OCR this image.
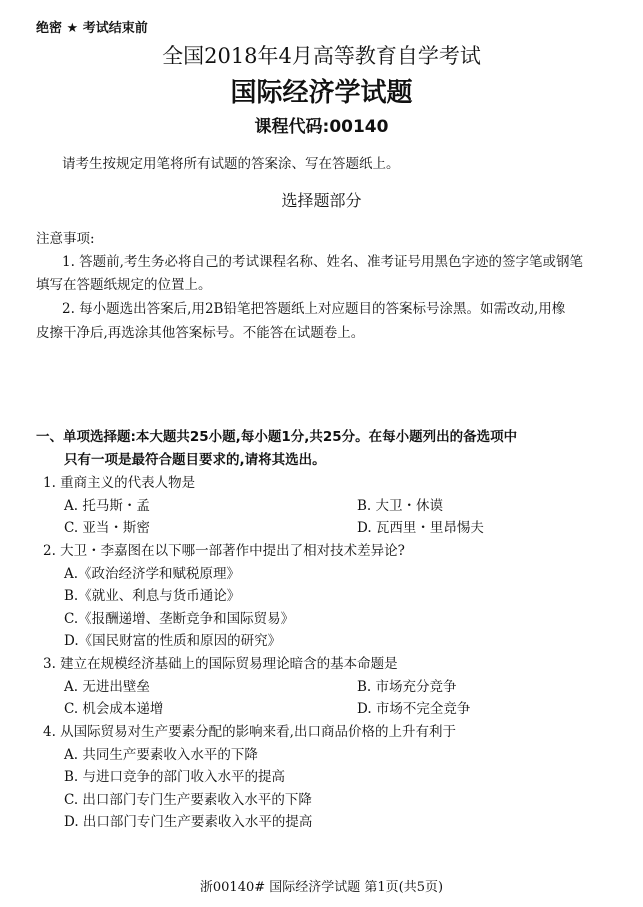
绝密 ★ 考试结束前
全国2018年4月高等教育自学考试
国际经济学试题
课程代码:00140
请考生按规定用笔将所有试题的答案涂、写在答题纸上。
选择题部分
注意事项:
1. 答题前,考生务必将自己的考试课程名称、姓名、准考证号用黑色字迹的签字笔或钢笔
填写在答题纸规定的位置上。
2. 每小题选出答案后,用2B铅笔把答题纸上对应题目的答案标号涂黑。如需改动,用橡
皮擦干净后,再选涂其他答案标号。不能答在试题卷上。
一、单项选择题:本大题共25小题,每小题1分,共25分。在每小题列出的备选项中
只有一项是最符合题目要求的,请将其选出。
1. 重商主义的代表人物是
A. 托马斯・孟	B. 大卫・休谟
C. 亚当・斯密	D. 瓦西里・里昂惕夫
2. 大卫・李嘉图在以下哪一部著作中提出了相对技术差异论?
A.《政治经济学和赋税原理》
B.《就业、利息与货币通论》
C.《报酬递增、垄断竞争和国际贸易》
D.《国民财富的性质和原因的研究》
3. 建立在规模经济基础上的国际贸易理论暗含的基本命题是
A. 无进出壁垒	B. 市场充分竞争
C. 机会成本递增	D. 市场不完全竞争
4. 从国际贸易对生产要素分配的影响来看,出口商品价格的上升有利于
A. 共同生产要素收入水平的下降
B. 与进口竞争的部门收入水平的提高
C. 出口部门专门生产要素收入水平的下降
D. 出口部门专门生产要素收入水平的提高
浙00140# 国际经济学试题 第1页(共5页)
